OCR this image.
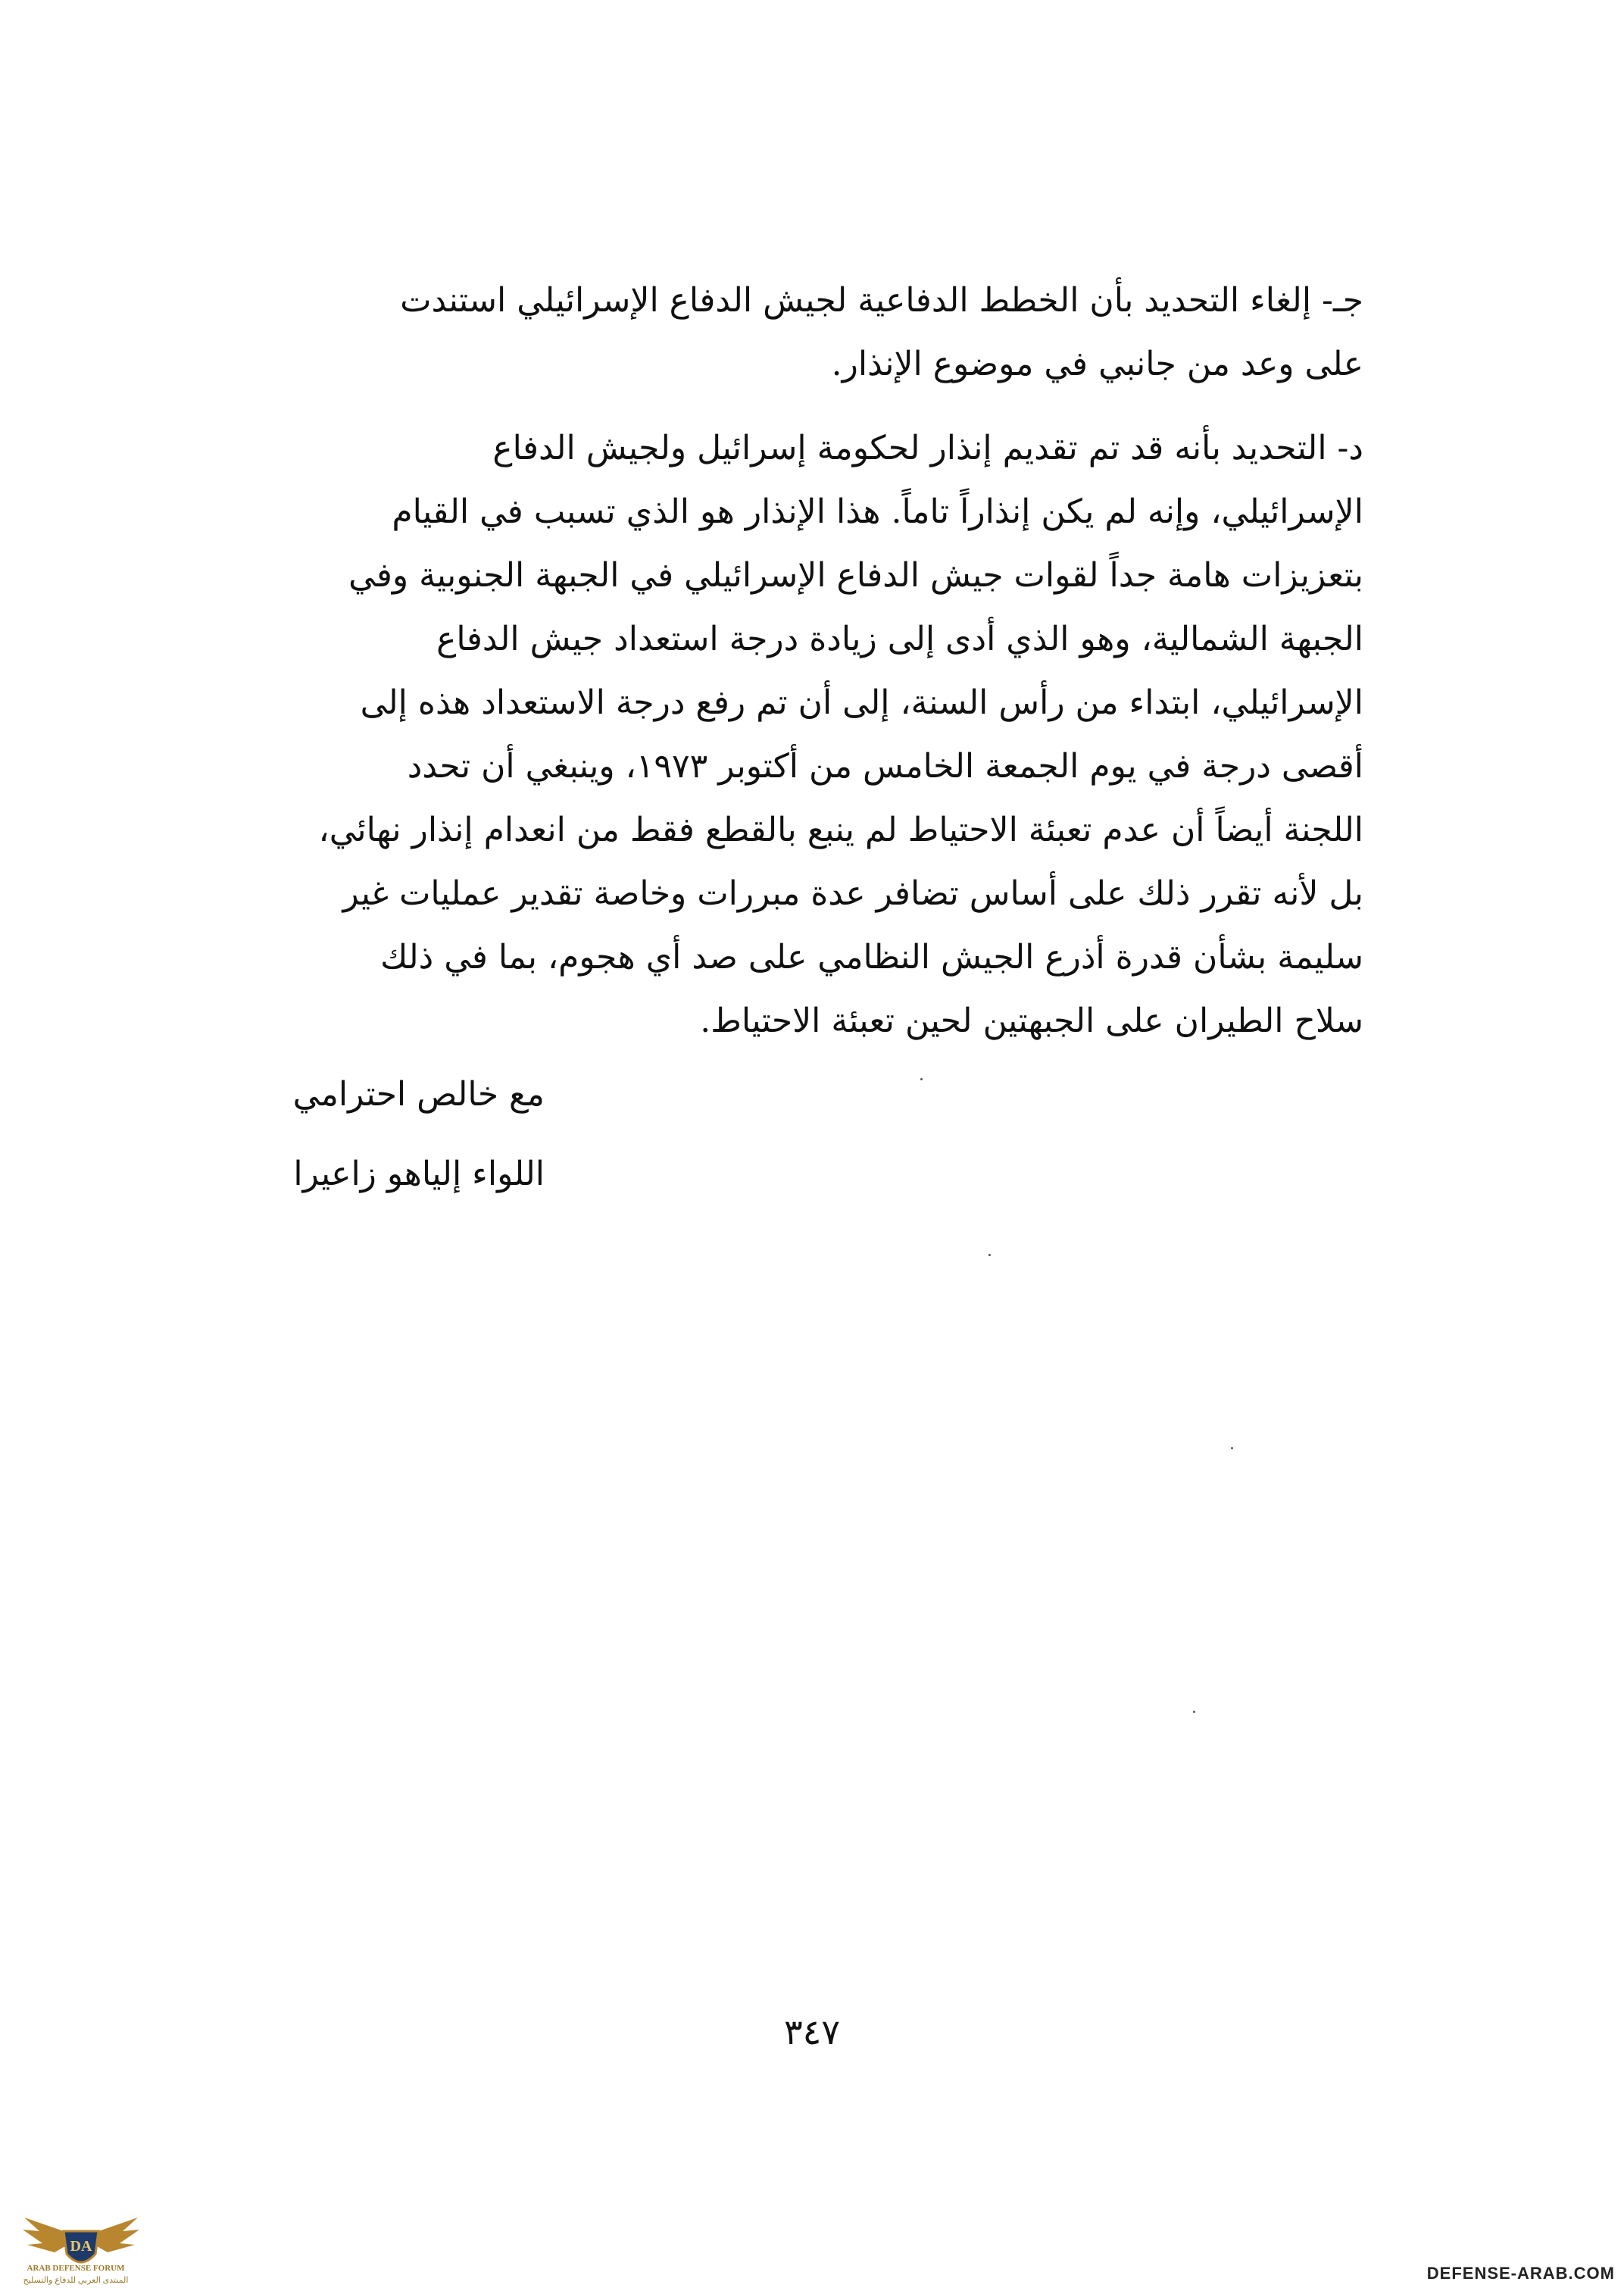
جـ- إلغاء التحديد بأن الخطط الدفاعية لجيش الدفاع الإسرائيلي استندت
على وعد من جانبي في موضوع الإنذار.
د- التحديد بأنه قد تم تقديم إنذار لحكومة إسرائيل ولجيش الدفاع
الإسرائيلي، وإنه لم يكن إنذاراً تاماً. هذا الإنذار هو الذي تسبب في القيام
بتعزيزات هامة جداً لقوات جيش الدفاع الإسرائيلي في الجبهة الجنوبية وفي
الجبهة الشمالية، وهو الذي أدى إلى زيادة درجة استعداد جيش الدفاع
الإسرائيلي، ابتداء من رأس السنة، إلى أن تم رفع درجة الاستعداد هذه إلى
أقصى درجة في يوم الجمعة الخامس من أكتوبر ١٩٧٣، وينبغي أن تحدد
اللجنة أيضاً أن عدم تعبئة الاحتياط لم ينبع بالقطع فقط من انعدام إنذار نهائي،
بل لأنه تقرر ذلك على أساس تضافر عدة مبررات وخاصة تقدير عمليات غير
سليمة بشأن قدرة أذرع الجيش النظامي على صد أي هجوم، بما في ذلك
سلاح الطيران على الجبهتين لحين تعبئة الاحتياط.
مع خالص احترامي
اللواء إلياهو زاعيرا
٣٤٧
DA
ARAB DEFENSE FORUM
المنتدى العربي للدفاع والتسليح	DEFENSE-ARAB.COM
